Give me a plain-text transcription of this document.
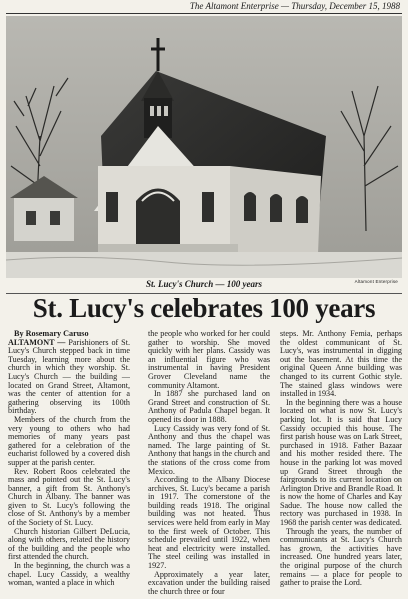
The Altamont Enterprise — Thursday, December 15, 1988
Altamont Enterprise
St. Lucy's Church — 100 years
St. Lucy's celebrates 100 years

By Rosemary Caruso

ALTAMONT — Parishioners of St. Lucy's Church stepped back in time Tuesday, learning more about the church in which they worship. St. Lucy's Church — the building — located on Grand Street, Altamont, was the center of attention for a gathering observing its 100th birthday.

Members of the church from the very young to others who had memories of many years past gathered for a celebration of the eucharist followed by a covered dish supper at the parish center.

Rev. Robert Roos celebrated the mass and pointed out the St. Lucy's banner, a gift from St. Anthony's Church in Albany. The banner was given to St. Lucy's following the close of St. Anthony's by a member of the Society of St. Lucy.

Church historian Gilbert DeLucia, along with others, related the history of the building and the people who first attended the church.

In the beginning, the church was a chapel. Lucy Cassidy, a wealthy woman, wanted a place in which

the people who worked for her could gather to worship. She moved quickly with her plans. Cassidy was an influential figure who was instrumental in having President Grover Cleveland name the community Altamont.

In 1887 she purchased land on Grand Street and construction of St. Anthony of Padula Chapel began. It opened its door in 1888.

Lucy Cassidy was very fond of St. Anthony and thus the chapel was named. The large painting of St. Anthony that hangs in the church and the stations of the cross come from Mexico.

According to the Albany Diocese archives, St. Lucy's became a parish in 1917. The cornerstone of the building reads 1918. The original building was not heated. Thus services were held from early in May to the first week of October. This schedule prevailed until 1922, when heat and electricity were installed. The steel ceiling was installed in 1927.

Approximately a year later, excavation under the building raised the church three or four

steps. Mr. Anthony Femia, perhaps the oldest communicant of St. Lucy's, was instrumental in digging out the basement. At this time the original Queen Anne building was changed to its current Gothic style. The stained glass windows were installed in 1934.

In the beginning there was a house located on what is now St. Lucy's parking lot. It is said that Lucy Cassidy occupied this house. The first parish house was on Lark Street, purchased in 1918. Father Bazaar and his mother resided there. The house in the parking lot was moved up Grand Street through the fairgrounds to its current location on Arlington Drive and Brandle Road. It is now the home of Charles and Kay Sadue. The house now called the rectory was purchased in 1938. In 1968 the parish center was dedicated.

Through the years, the number of communicants at St. Lucy's Church has grown, the activities have increased. One hundred years later, the original purpose of the church remains — a place for people to gather to praise the Lord.
